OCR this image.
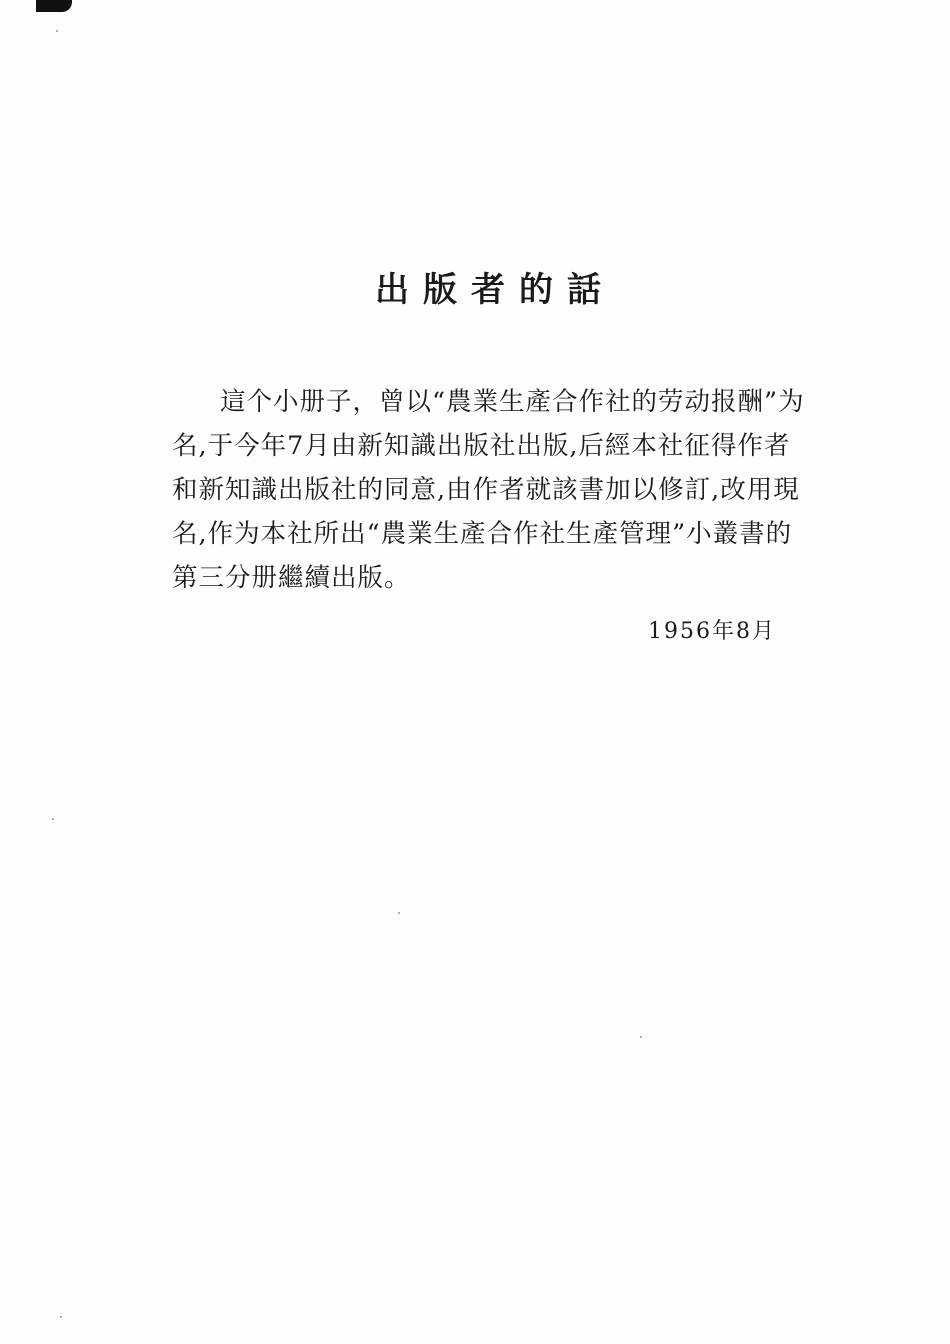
出版者的話
這个小册子，曾以“農業生產合作社的劳动报酬”为
名,于今年7月由新知識出版社出版,后經本社征得作者
和新知識出版社的同意,由作者就該書加以修訂,改用現
名,作为本社所出“農業生產合作社生產管理”小叢書的
第三分册繼續出版。
1956年8月
